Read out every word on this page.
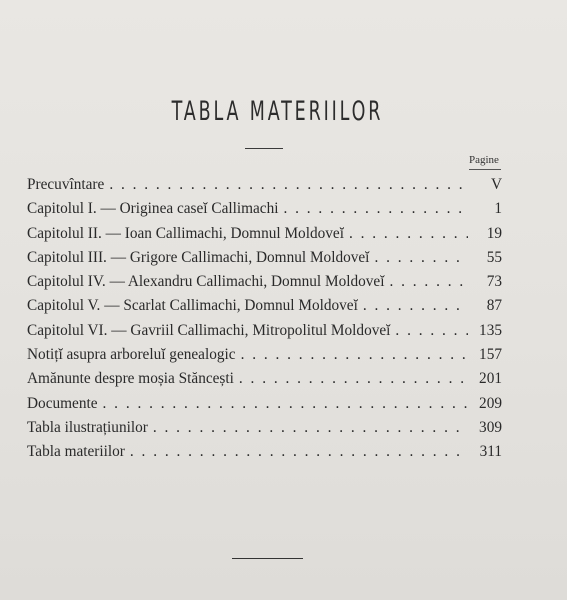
TABLA MATERIILOR
Pagine
Precuvîntare . . .	V
Capitolul I. — Originea caseĭ Callimachi . . .	1
Capitolul II. — Ioan Callimachi, Domnul Moldoveĭ . . .	19
Capitolul III. — Grigore Callimachi, Domnul Moldoveĭ . . .	55
Capitolul IV. — Alexandru Callimachi, Domnul Moldoveĭ . . .	73
Capitolul V. — Scarlat Callimachi, Domnul Moldoveĭ . . .	87
Capitolul VI. — Gavriil Callimachi, Mitropolitul Moldoveĭ . . .	135
Notițĭ asupra arboreluĭ genealogic . . .	157
Amănunte despre moșia Stăncești . . .	201
Documente . . .	209
Tabla ilustrațiunilor . . .	309
Tabla materiilor . . .	311
